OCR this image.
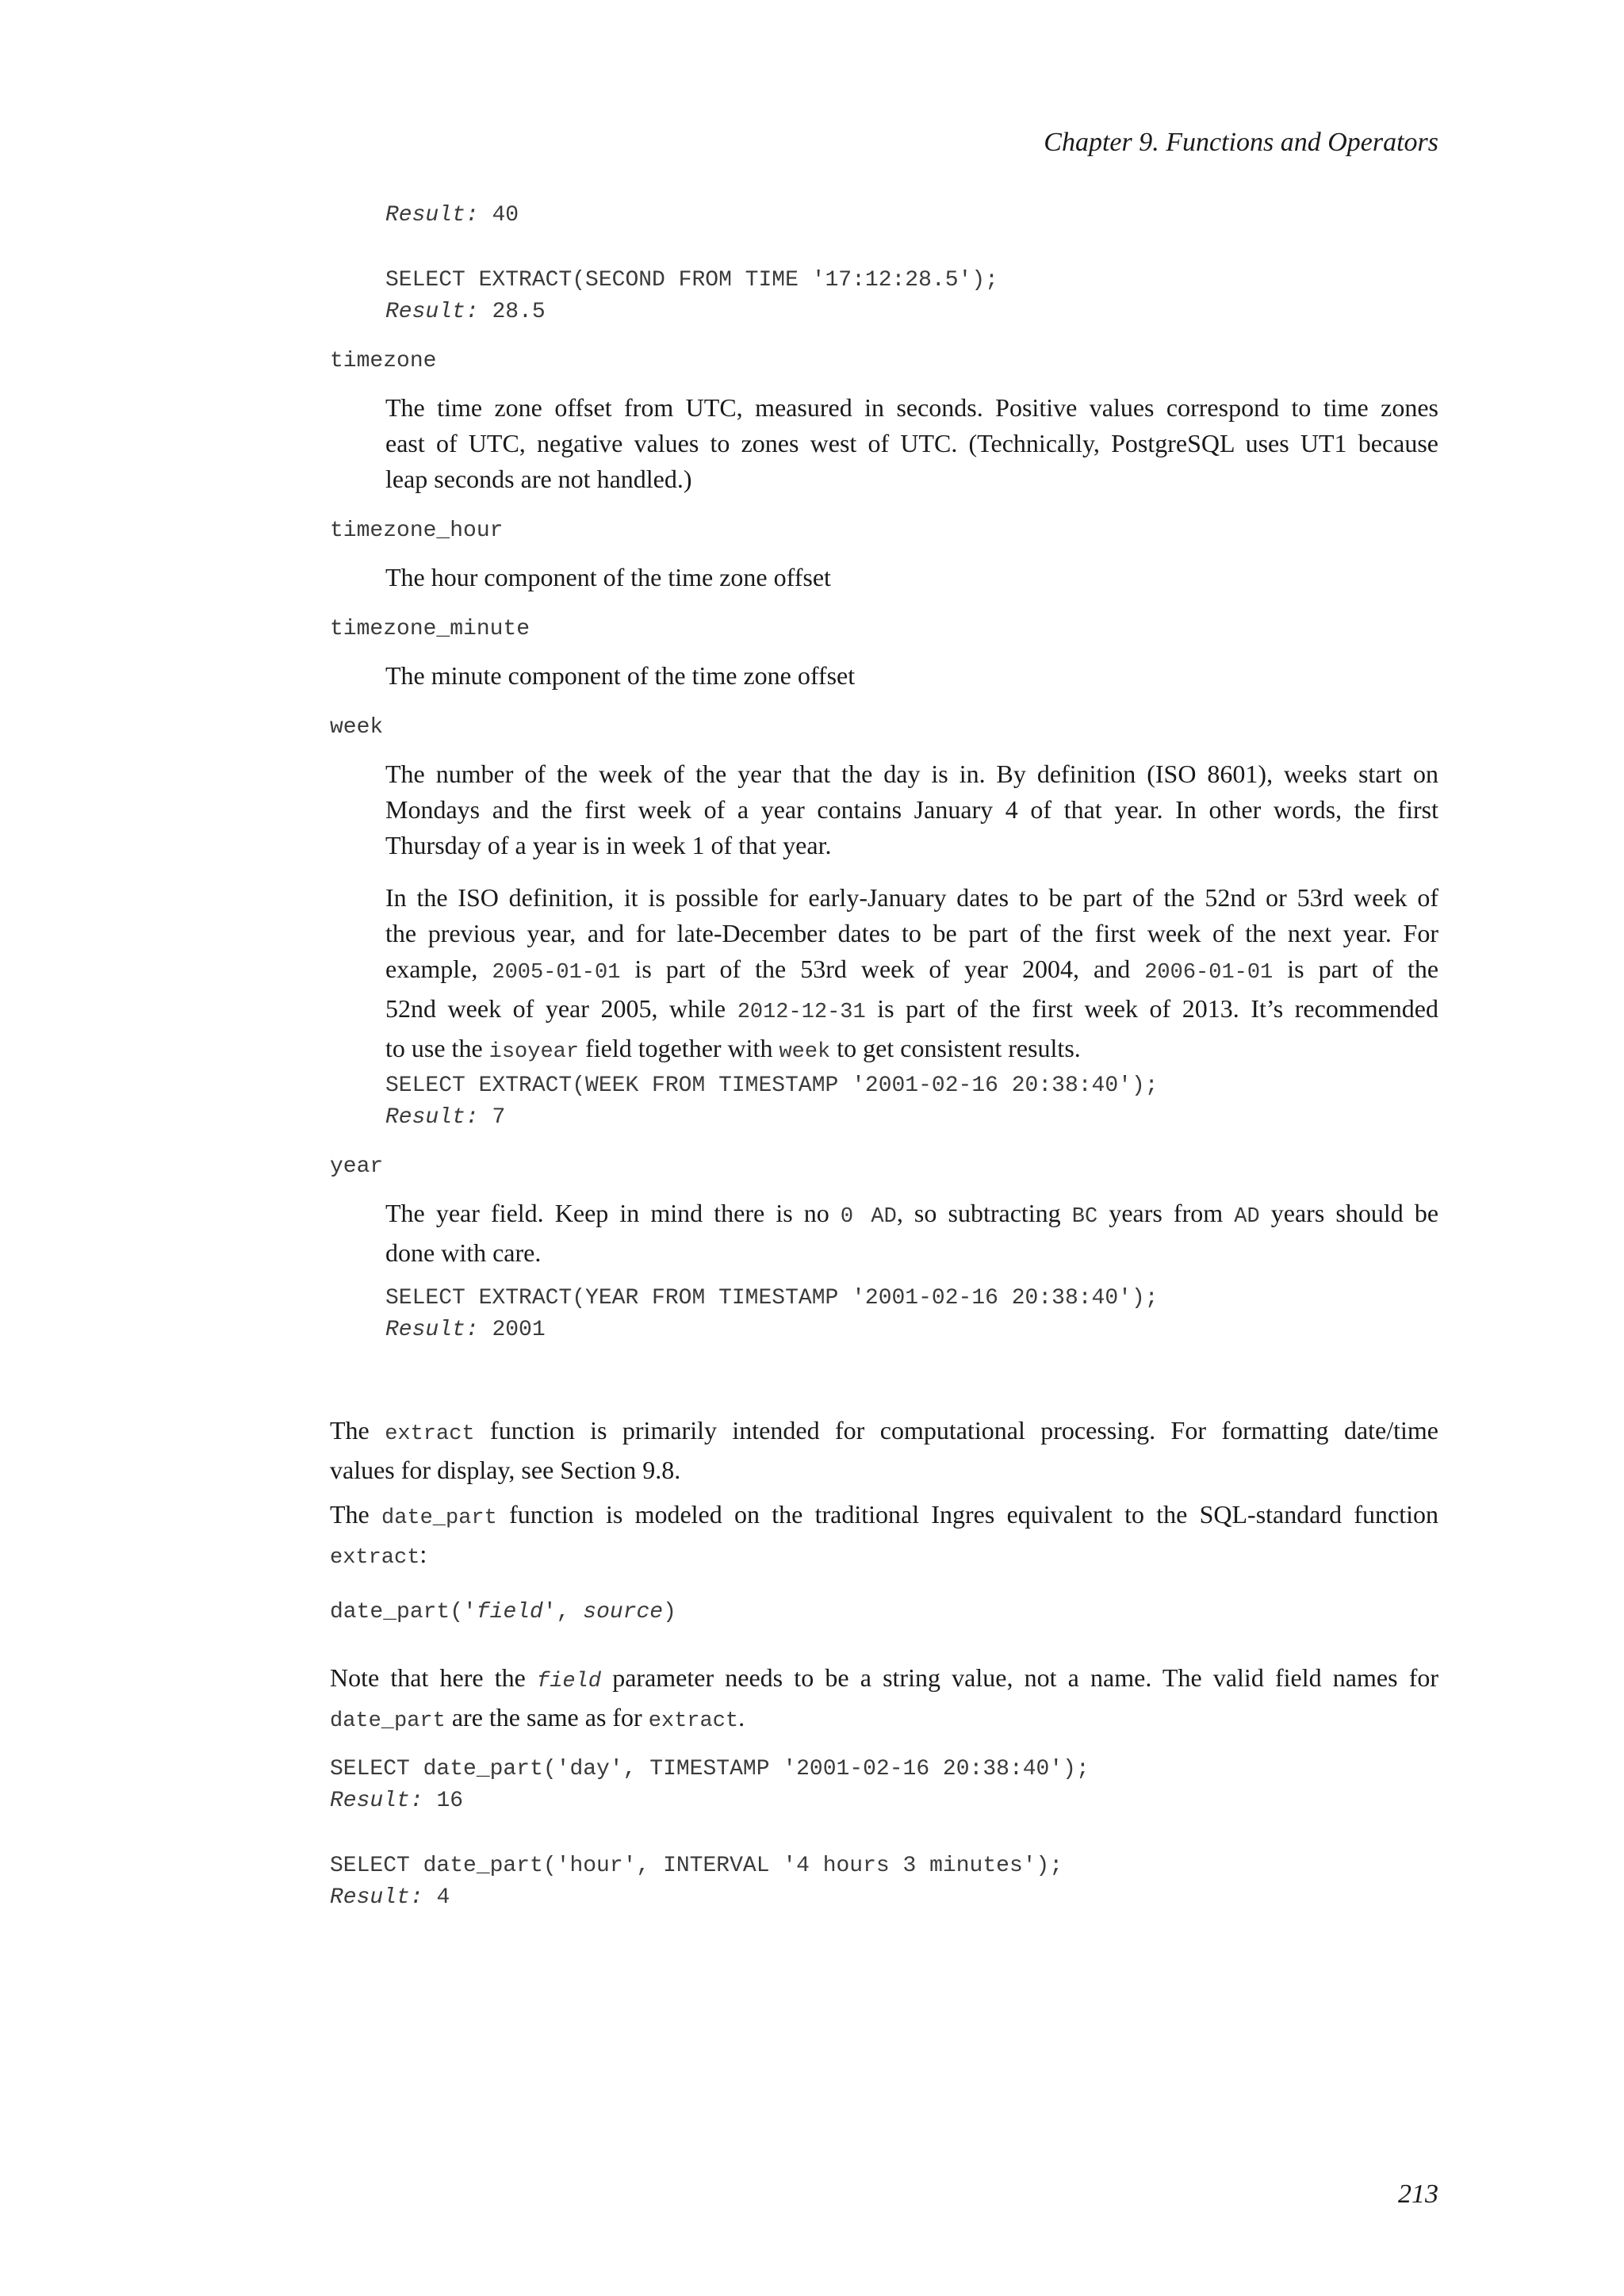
Chapter 9. Functions and Operators
Result: 40
SELECT EXTRACT(SECOND FROM TIME '17:12:28.5');
Result: 28.5
timezone
The time zone offset from UTC, measured in seconds. Positive values correspond to time zones
east of UTC, negative values to zones west of UTC. (Technically, PostgreSQL uses UT1 because
leap seconds are not handled.)
timezone_hour
The hour component of the time zone offset
timezone_minute
The minute component of the time zone offset
week
The number of the week of the year that the day is in. By definition (ISO 8601), weeks start on
Mondays and the first week of a year contains January 4 of that year. In other words, the first
Thursday of a year is in week 1 of that year.
In the ISO definition, it is possible for early-January dates to be part of the 52nd or 53rd week of
the previous year, and for late-December dates to be part of the first week of the next year. For
example, 2005-01-01 is part of the 53rd week of year 2004, and 2006-01-01 is part of the
52nd week of year 2005, while 2012-12-31 is part of the first week of 2013. It’s recommended
to use the isoyear field together with week to get consistent results.
SELECT EXTRACT(WEEK FROM TIMESTAMP '2001-02-16 20:38:40');
Result: 7
year
The year field. Keep in mind there is no 0 AD, so subtracting BC years from AD years should be
done with care.
SELECT EXTRACT(YEAR FROM TIMESTAMP '2001-02-16 20:38:40');
Result: 2001
The extract function is primarily intended for computational processing. For formatting date/time
values for display, see Section 9.8.
The date_part function is modeled on the traditional Ingres equivalent to the SQL-standard function
extract:
date_part('field', source)
Note that here the field parameter needs to be a string value, not a name. The valid field names for
date_part are the same as for extract.
SELECT date_part('day', TIMESTAMP '2001-02-16 20:38:40');
Result: 16
SELECT date_part('hour', INTERVAL '4 hours 3 minutes');
Result: 4
213
